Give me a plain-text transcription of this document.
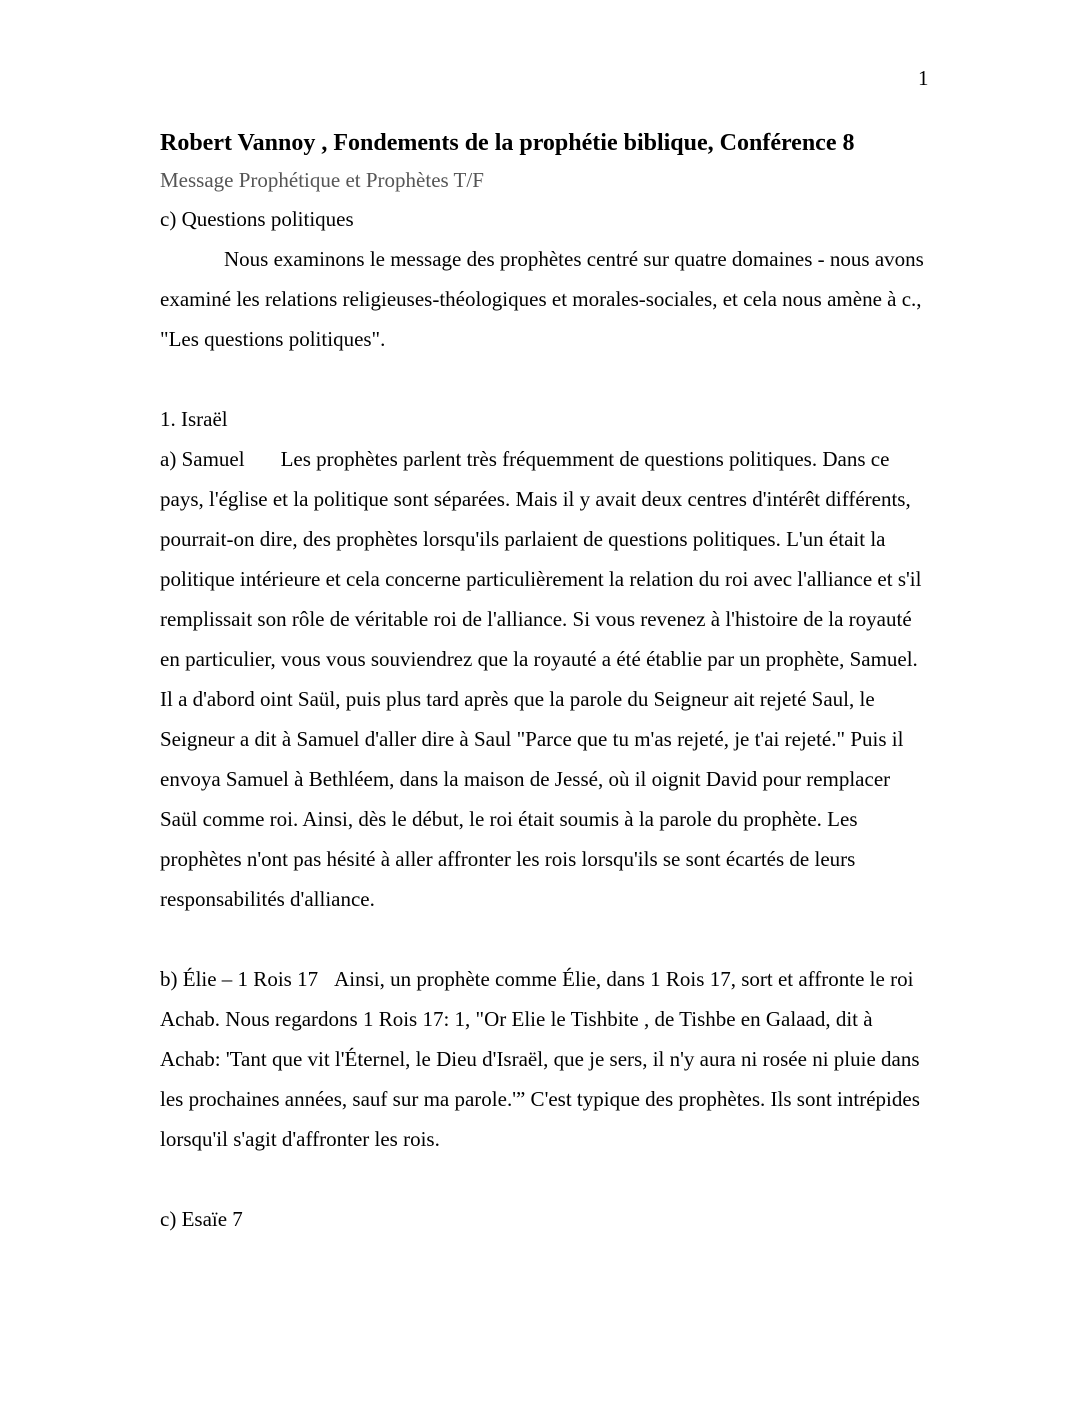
1
Robert Vannoy , Fondements de la prophétie biblique, Conférence 8

Message Prophétique et Prophètes T/F

c) Questions politiques

Nous examinons le message des prophètes centré sur quatre domaines - nous avons examiné les relations religieuses-théologiques et morales-sociales, et cela nous amène à c., "Les questions politiques".

1. Israël

a) Samuel Les prophètes parlent très fréquemment de questions politiques. Dans ce pays, l'église et la politique sont séparées. Mais il y avait deux centres d'intérêt différents, pourrait-on dire, des prophètes lorsqu'ils parlaient de questions politiques. L'un était la politique intérieure et cela concerne particulièrement la relation du roi avec l'alliance et s'il remplissait son rôle de véritable roi de l'alliance. Si vous revenez à l'histoire de la royauté en particulier, vous vous souviendrez que la royauté a été établie par un prophète, Samuel. Il a d'abord oint Saül, puis plus tard après que la parole du Seigneur ait rejeté Saul, le Seigneur a dit à Samuel d'aller dire à Saul "Parce que tu m'as rejeté, je t'ai rejeté." Puis il envoya Samuel à Bethléem, dans la maison de Jessé, où il oignit David pour remplacer Saül comme roi. Ainsi, dès le début, le roi était soumis à la parole du prophète. Les prophètes n'ont pas hésité à aller affronter les rois lorsqu'ils se sont écartés de leurs responsabilités d'alliance.

b) Élie – 1 Rois 17 Ainsi, un prophète comme Élie, dans 1 Rois 17, sort et affronte le roi Achab. Nous regardons 1 Rois 17: 1, "Or Elie le Tishbite , de Tishbe en Galaad, dit à Achab: 'Tant que vit l'Éternel, le Dieu d'Israël, que je sers, il n'y aura ni rosée ni pluie dans les prochaines années, sauf sur ma parole.'” C'est typique des prophètes. Ils sont intrépides lorsqu'il s'agit d'affronter les rois.

c) Esaïe 7
